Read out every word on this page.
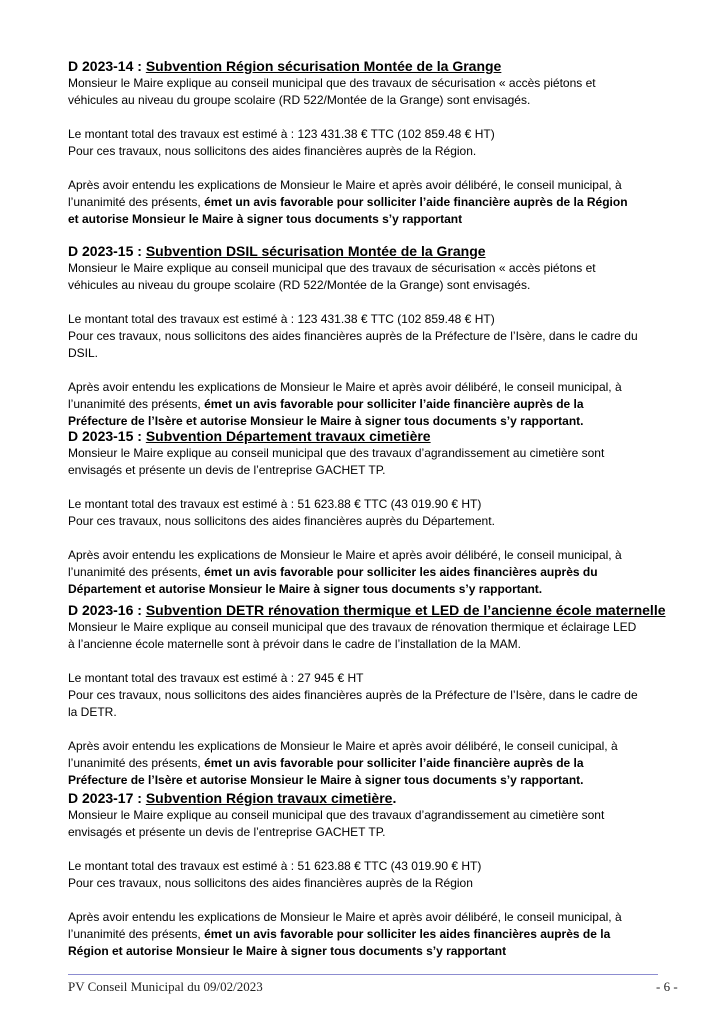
D 2023-14 : Subvention Région sécurisation Montée de la Grange

Monsieur le Maire explique au conseil municipal que des travaux de sécurisation « accès piétons et

véhicules au niveau du groupe scolaire (RD 522/Montée de la Grange) sont envisagés.

Le montant total des travaux est estimé à : 123 431.38 € TTC (102 859.48 € HT)

Pour ces travaux, nous sollicitons des aides financières auprès de la Région.

Après avoir entendu les explications de Monsieur le Maire et après avoir délibéré, le conseil municipal, à

l’unanimité des présents, émet un avis favorable pour solliciter l’aide financière auprès de la Région

et autorise Monsieur le Maire à signer tous documents s’y rapportant

D 2023-15 : Subvention DSIL sécurisation Montée de la Grange

Monsieur le Maire explique au conseil municipal que des travaux de sécurisation « accès piétons et

véhicules au niveau du groupe scolaire (RD 522/Montée de la Grange) sont envisagés.

Le montant total des travaux est estimé à : 123 431.38 € TTC (102 859.48 € HT)

Pour ces travaux, nous sollicitons des aides financières auprès de la Préfecture de l’Isère, dans le cadre du

DSIL.

Après avoir entendu les explications de Monsieur le Maire et après avoir délibéré, le conseil municipal, à

l’unanimité des présents, émet un avis favorable pour solliciter l’aide financière auprès de la

Préfecture de l’Isère et autorise Monsieur le Maire à signer tous documents s’y rapportant.

D 2023-15 : Subvention Département travaux cimetière

Monsieur le Maire explique au conseil municipal que des travaux d’agrandissement au cimetière sont

envisagés et présente un devis de l’entreprise GACHET TP.

Le montant total des travaux est estimé à : 51 623.88 € TTC (43 019.90 € HT)

Pour ces travaux, nous sollicitons des aides financières auprès du Département.

Après avoir entendu les explications de Monsieur le Maire et après avoir délibéré, le conseil municipal, à

l’unanimité des présents, émet un avis favorable pour solliciter les aides financières auprès du

Département et autorise Monsieur le Maire à signer tous documents s’y rapportant.

D 2023-16 : Subvention DETR rénovation thermique et LED de l’ancienne école maternelle

Monsieur le Maire explique au conseil municipal que des travaux de rénovation thermique et éclairage LED

à l’ancienne école maternelle sont à prévoir dans le cadre de l’installation de la MAM.

Le montant total des travaux est estimé à : 27 945 € HT

Pour ces travaux, nous sollicitons des aides financières auprès de la Préfecture de l’Isère, dans le cadre de

la DETR.

Après avoir entendu les explications de Monsieur le Maire et après avoir délibéré, le conseil cunicipal, à

l’unanimité des présents, émet un avis favorable pour solliciter l’aide financière auprès de la

Préfecture de l’Isère et autorise Monsieur le Maire à signer tous documents s’y rapportant.

D 2023-17 : Subvention Région travaux cimetière.

Monsieur le Maire explique au conseil municipal que des travaux d’agrandissement au cimetière sont

envisagés et présente un devis de l’entreprise GACHET TP.

Le montant total des travaux est estimé à : 51 623.88 € TTC (43 019.90 € HT)

Pour ces travaux, nous sollicitons des aides financières auprès de la Région

Après avoir entendu les explications de Monsieur le Maire et après avoir délibéré, le conseil municipal, à

l’unanimité des présents, émet un avis favorable pour solliciter les aides financières auprès de la

Région et autorise Monsieur le Maire à signer tous documents s’y rapportant

PV Conseil Municipal du 09/02/2023	- 6 -
